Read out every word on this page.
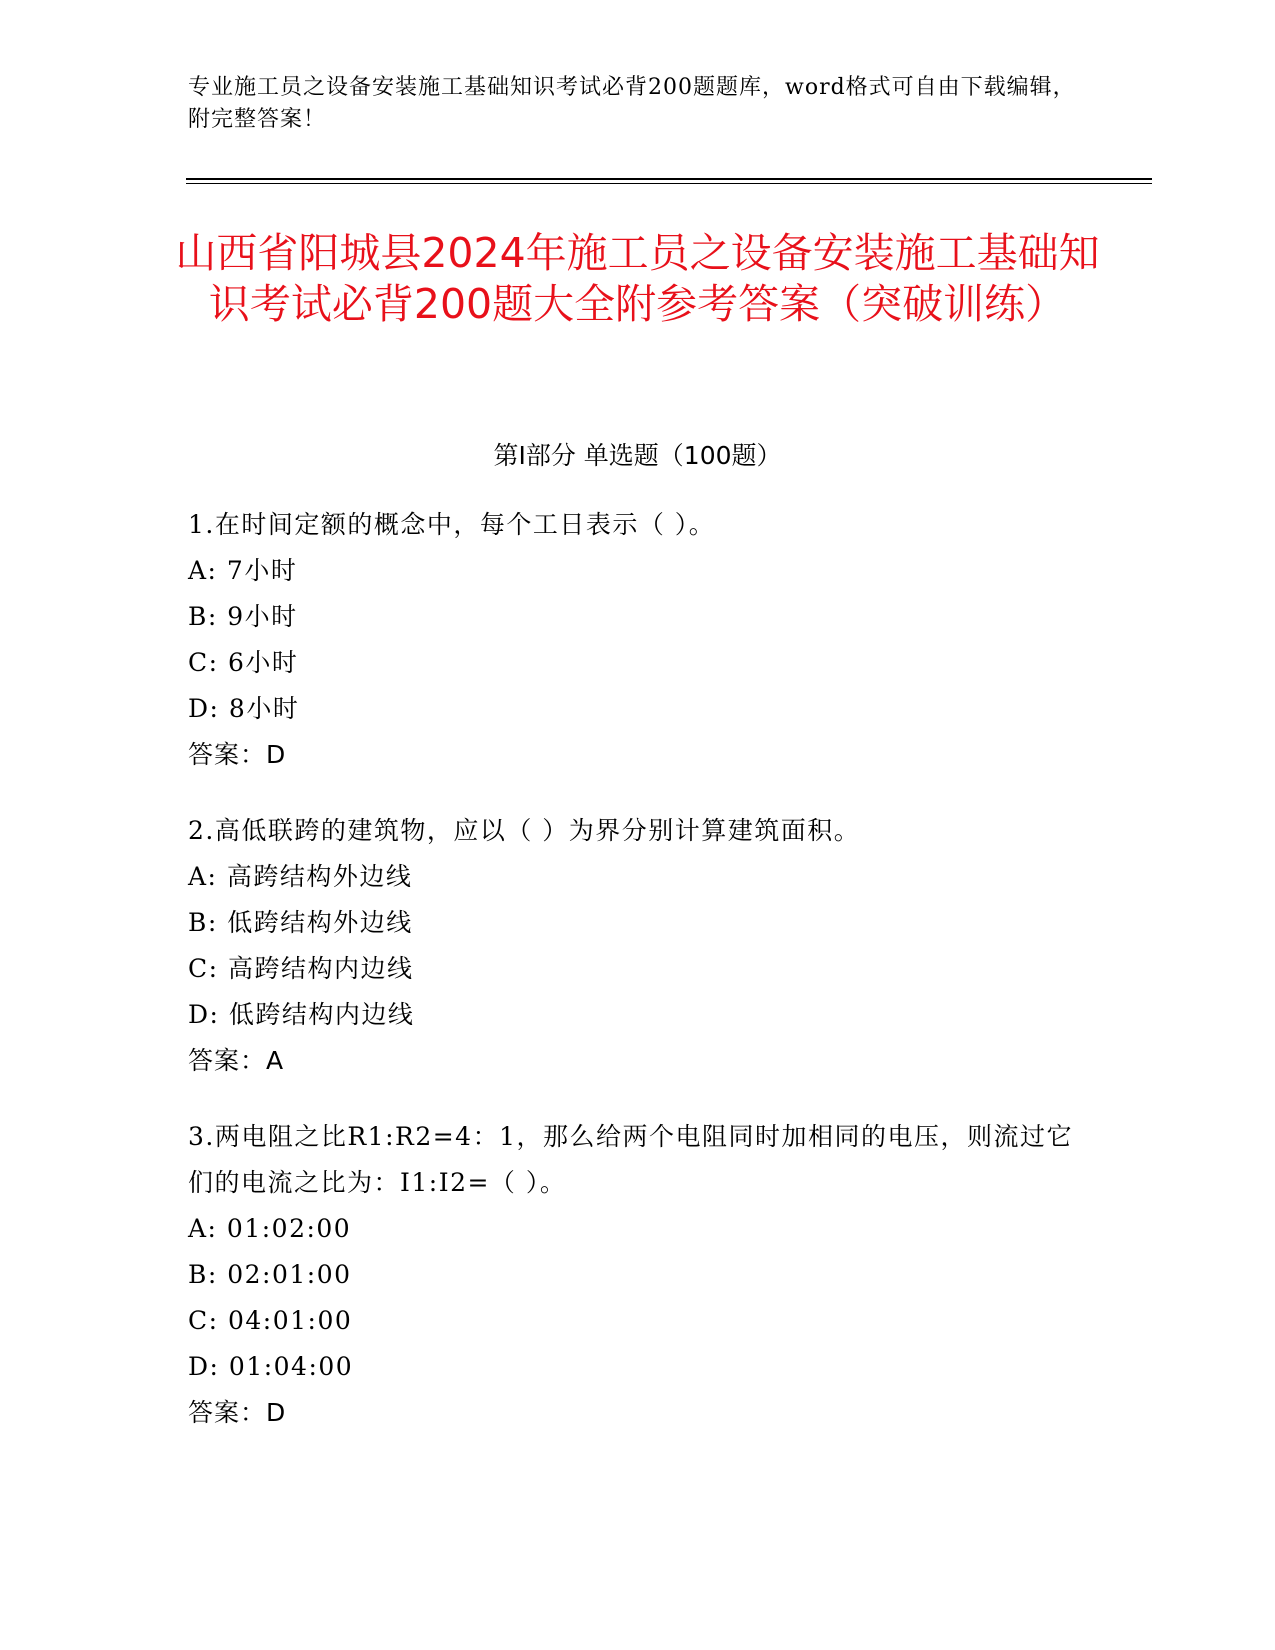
专业施工员之设备安装施工基础知识考试必背200题题库，word格式可自由下载编辑，附完整答案！
山西省阳城县2024年施工员之设备安装施工基础知识考试必背200题大全附参考答案（突破训练）
第I部分 单选题（100题）
1.在时间定额的概念中，每个工日表示（ ）。
A: 7小时
B: 9小时
C: 6小时
D: 8小时
答案：D
2.高低联跨的建筑物，应以（ ）为界分别计算建筑面积。
A: 高跨结构外边线
B: 低跨结构外边线
C: 高跨结构内边线
D: 低跨结构内边线
答案：A
3.两电阻之比R1:R2=4：1，那么给两个电阻同时加相同的电压，则流过它们的电流之比为：I1:I2=（ ）。
A: 01:02:00
B: 02:01:00
C: 04:01:00
D: 01:04:00
答案：D
